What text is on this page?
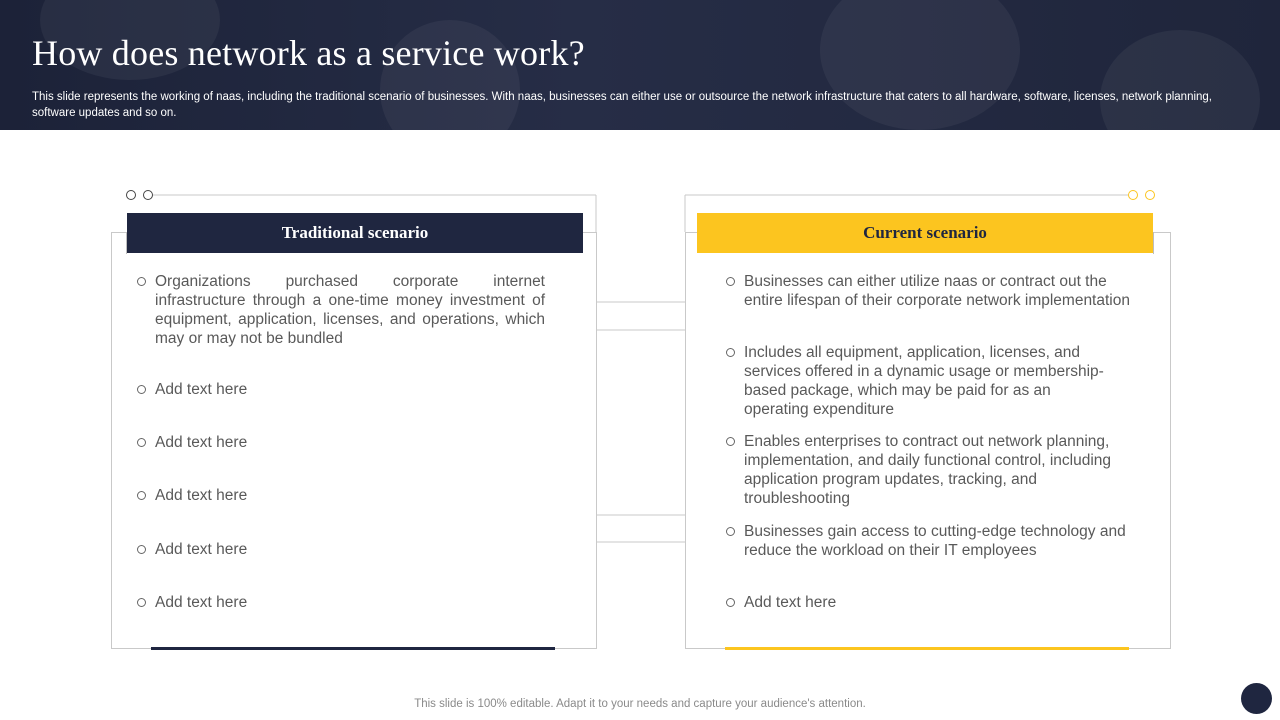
How does network as a service work?
This slide represents the working of naas, including the traditional scenario of businesses. With naas, businesses can either use or outsource the network infrastructure that caters to all hardware, software, licenses, network planning, software updates and so on.
Traditional scenario
Organizations purchased corporate internet infrastructure through a one-time money investment of equipment, application, licenses, and operations, which may or may not be bundled
Add text here
Add text here
Add text here
Add text here
Add text here
Current scenario
Businesses can either utilize naas or contract out the entire lifespan of their corporate network implementation
Includes all equipment, application, licenses, and services offered in a dynamic usage or membership-based package, which may be paid for as an operating expenditure
Enables enterprises to contract out network planning, implementation, and daily functional control, including application program updates, tracking, and troubleshooting
Businesses gain access to cutting-edge technology and reduce the workload on their IT employees
Add text here
This slide is 100% editable. Adapt it to your needs and capture your audience's attention.
